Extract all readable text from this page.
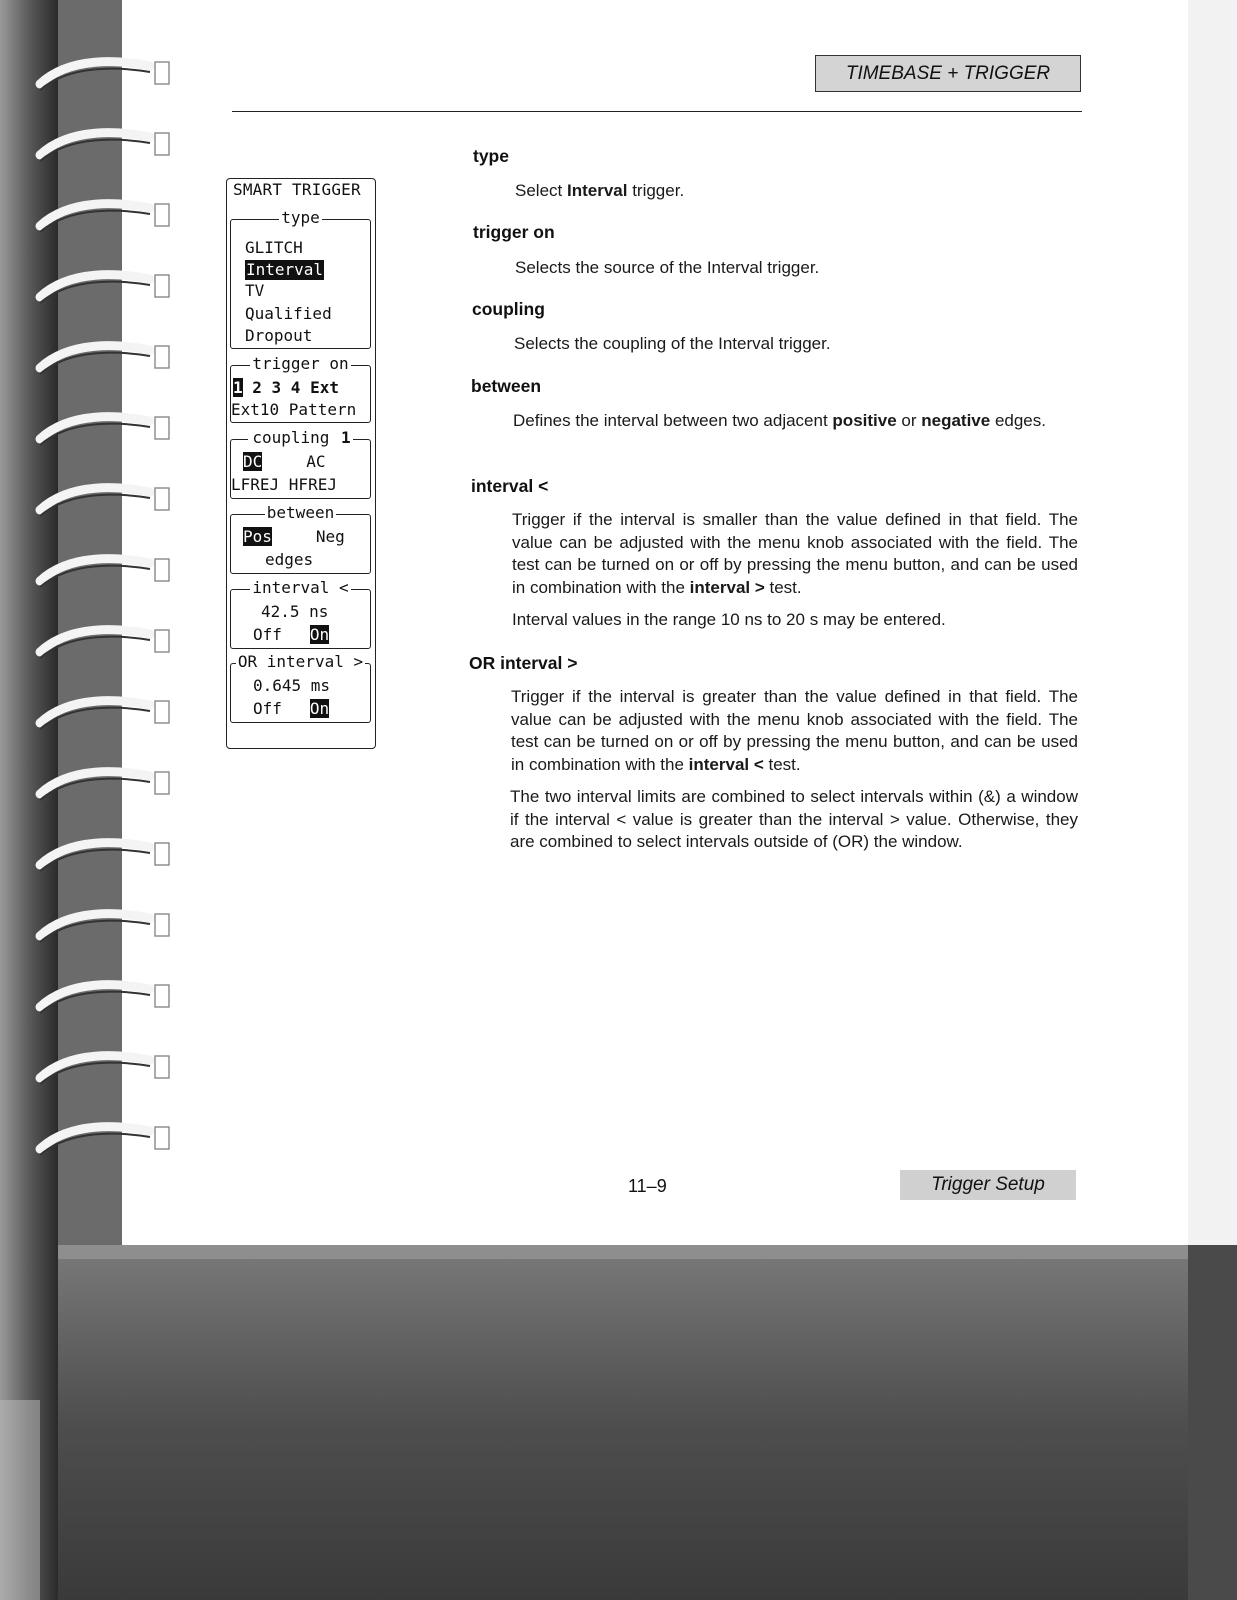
TIMEBASE + TRIGGER
SMART TRIGGER
type
GLITCH
Interval
TV
Qualified
Dropout
trigger on
1 2 3 4 Ext
Ext10 Pattern
coupling 1
DC	AC
LFREJ HFREJ
between
Pos	Neg
edges
interval <
42.5 ns
Off On
OR interval >
0.645 ms
Off On
type
Select Interval trigger.
trigger on
Selects the source of the Interval trigger.
coupling
Selects the coupling of the Interval trigger.
between
Defines the interval between two adjacent positive or negative edges.
interval <
Trigger if the interval is smaller than the value defined in that field. The value can be adjusted with the menu knob associated with the field. The test can be turned on or off by pressing the menu button, and can be used in combination with the interval > test.
Interval values in the range 10 ns to 20 s may be entered.
OR interval >
Trigger if the interval is greater than the value defined in that field. The value can be adjusted with the menu knob associated with the field. The test can be turned on or off by pressing the menu button, and can be used in combination with the interval < test.
The two interval limits are combined to select intervals within (&) a window if the interval < value is greater than the interval > value. Otherwise, they are combined to select intervals outside of (OR) the window.
11–9	Trigger Setup
